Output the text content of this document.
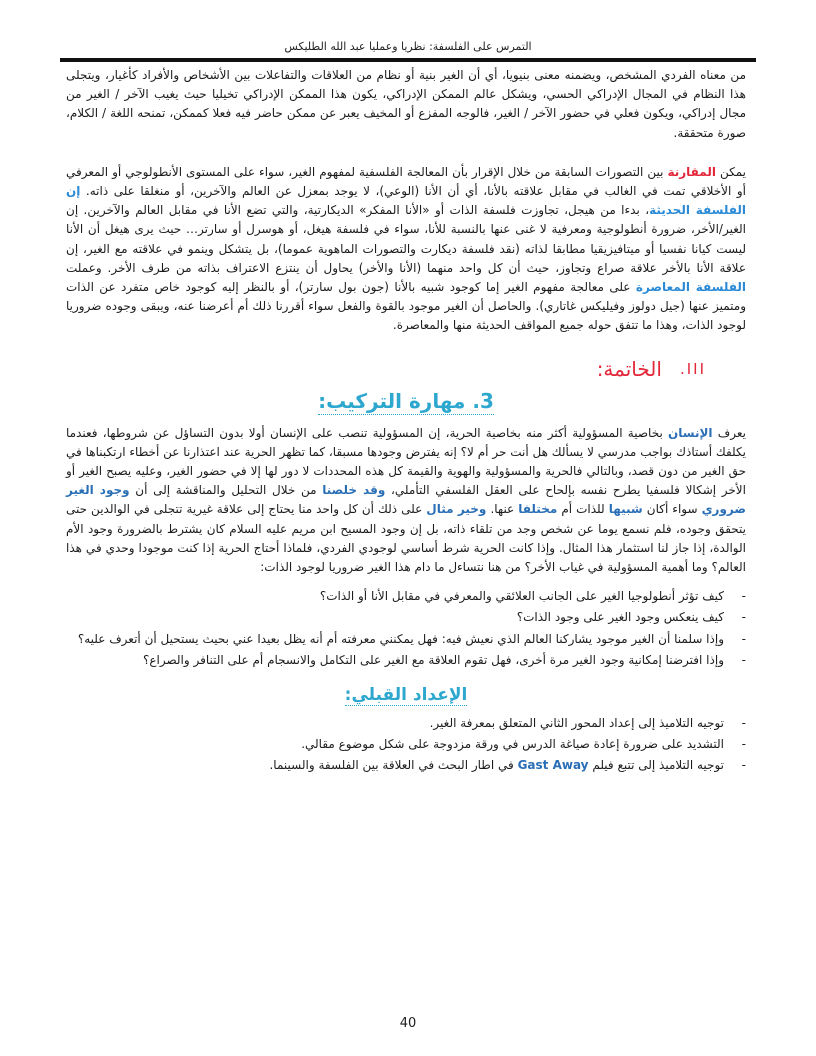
التمرس على الفلسفة: نظريا وعمليا عبد الله الطليكس

من معناه الفردي المشخص، ويضمنه معنى بنيويا، أي أن الغير بنية أو نظام من العلاقات والتفاعلات بين الأشخاص والأفراد كأغيار، ويتجلى هذا النظام في المجال الإدراكي الحسي، ويشكل عالم الممكن الإدراكي، يكون هذا الممكن الإدراكي تخيليا حيث يغيب الآخر / الغير من مجال إدراكي، ويكون فعلي في حضور الآخر / الغير، فالوجه المفزع أو المخيف يعبر عن ممكن حاضر فيه فعلا كممكن، تمنحه اللغة / الكلام، صورة متحققة.

يمكن المقارنة بين التصورات السابقة من خلال الإقرار بأن المعالجة الفلسفية لمفهوم الغير، سواء على المستوى الأنطولوجي أو المعرفي أو الأخلاقي تمت في الغالب في مقابل علاقته بالأنا، أي أن الأنا (الوعي)، لا يوجد بمعزل عن العالم والآخرين، أو منغلقا على ذاته. إن الفلسفة الحديثة، بدءا من هيجل، تجاوزت فلسفة الذات أو «الأنا المفكر» الديكارتية، والتي تضع الأنا في مقابل العالم والآخرين. إن الغير/الأخر، ضرورة أنطولوجية ومعرفية لا غنى عنها بالنسبة للأنا، سواء في فلسفة هيغل، أو هوسرل أو سارتر… حيث يرى هيغل أن الأنا ليست كيانا نفسيا أو ميتافيزيقيا مطابقا لذاته (نقد فلسفة ديكارت والتصورات الماهوية عموما)، بل يتشكل وينمو في علاقته مع الغير، إن علاقة الأنا بالأخر علاقة صراع وتجاوز، حيث أن كل واحد منهما (الأنا والأخر) يحاول أن ينتزع الاعتراف بذاته من طرف الأخر. وعملت الفلسفة المعاصرة على معالجة مفهوم الغير إما كوجود شبيه بالأنا (جون بول سارتر)، أو بالنظر إليه كوجود خاص متفرد عن الذات ومتميز عنها (جيل دولوز وفيليكس غاتاري). والحاصل أن الغير موجود بالقوة والفعل سواء أقررنا ذلك أم أعرضنا عنه، ويبقى وجوده ضروريا لوجود الذات، وهذا ما تتفق حوله جميع المواقف الحديثة منها والمعاصرة.

III.
الخاتمة:
3. مهارة التركيب:

يعرف الإنسان بخاصية المسؤولية أكثر منه بخاصية الحرية، إن المسؤولية تنصب على الإنسان أولا بدون التساؤل عن شروطها، فعندما يكلفك أستاذك بواجب مدرسي لا يسألك هل أنت حر أم لا؟ إنه يفترض وجودها مسبقا، كما تظهر الحرية عند اعتذارنا عن أخطاء ارتكبناها في حق الغير من دون قصد، وبالتالي فالحرية والمسؤولية والهوية والقيمة كل هذه المحددات لا دور لها إلا في حضور الغير، وعليه يصبح الغير أو الأخر إشكالا فلسفيا يطرح نفسه بإلحاح على العقل الفلسفي التأملي، وقد خلصنا من خلال التحليل والمناقشة إلى أن وجود الغير ضروري سواء أكان شبيها للذات أم مختلفا عنها. وخير مثال على ذلك أن كل واحد منا يحتاج إلى علاقة غيرية تتجلى في الوالدين حتى يتحقق وجوده، فلم نسمع يوما عن شخص وجد من تلقاء ذاته، بل إن وجود المسيح ابن مريم عليه السلام كان يشترط بالضرورة وجود الأم الوالدة، إذا جاز لنا استثمار هذا المثال. وإذا كانت الحرية شرط أساسي لوجودي الفردي، فلماذا أحتاج الحرية إذا كنت موجودا وحدي في هذا العالم؟ وما أهمية المسؤولية في غياب الأخر؟ من هنا نتساءل ما دام هذا الغير ضروريا لوجود الذات:

-
كيف تؤثر أنطولوجيا الغير على الجانب العلائقي والمعرفي في مقابل الأنا أو الذات؟
-
كيف ينعكس وجود الغير على وجود الذات؟
-
وإذا سلمنا أن الغير موجود يشاركنا العالم الذي نعيش فيه: فهل يمكنني معرفته أم أنه يظل بعيدا عني بحيث يستحيل أن أتعرف عليه؟
-
وإذا افترضنا إمكانية وجود الغير مرة أخرى، فهل تقوم العلاقة مع الغير على التكامل والانسجام أم على التنافر والصراع؟
الإعداد القبلي:
-
توجيه التلاميذ إلى إعداد المحور الثاني المتعلق بمعرفة الغير.
-
التشديد على ضرورة إعادة صياغة الدرس في ورقة مزدوجة على شكل موضوع مقالي.
-
توجيه التلاميذ إلى تتبع فيلم Gast Away في اطار البحث في العلاقة بين الفلسفة والسينما.
40
